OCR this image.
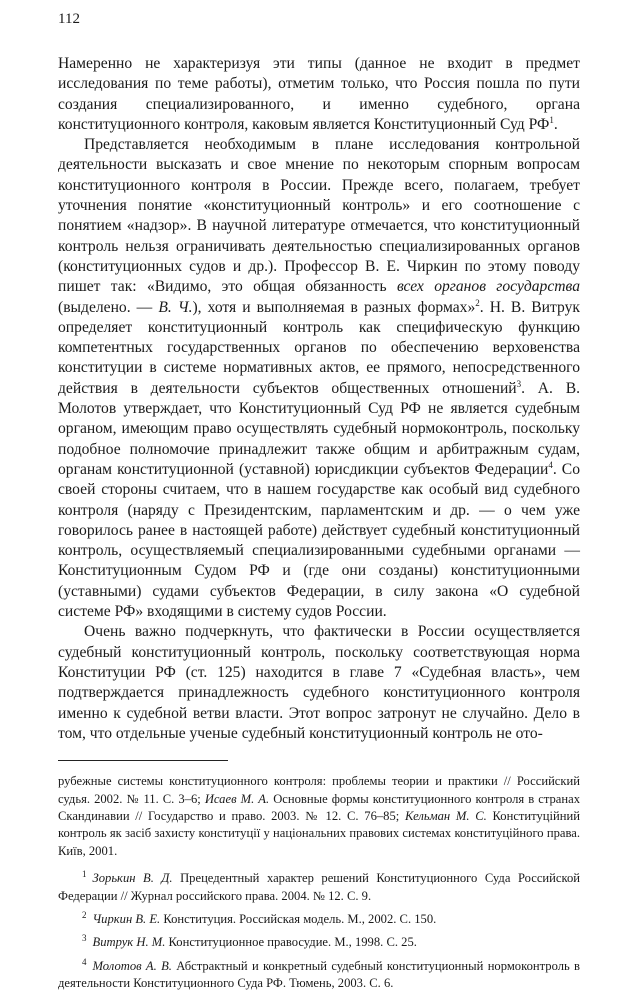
112

Намеренно не характеризуя эти типы (данное не входит в предмет исследования по теме работы), отметим только, что Россия пошла по пути создания специализированного, и именно судебного, органа конституционного контроля, каковым является Конституционный Суд $РФ^1$.

Представляется необходимым в плане исследования контрольной деятельности высказать и свое мнение по некоторым спорным вопросам конституционного контроля в России. Прежде всего, полагаем, требует уточнения понятие «конституционный контроль» и его соотношение с понятием «надзор». В научной литературе отмечается, что конституционный контроль нельзя ограничивать деятельностью специализированных органов (конституционных судов и др.). Профессор В. Е. Чиркин по этому поводу пишет так: «Видимо, это общая обязанность всех органов государства (выделено. — В. Ч.), хотя и выполняемая в разных формах»$^2$. Н. В. Витрук определяет конституционный контроль как специфическую функцию компетентных государственных органов по обеспечению верховенства конституции в системе нормативных актов, ее прямого, непосредственного действия в деятельности субъектов общественных отношений$^3$. А. В. Молотов утверждает, что Конституционный Суд РФ не является судебным органом, имеющим право осуществлять судебный нормоконтроль, поскольку подобное полномочие принадлежит также общим и арбитражным судам, органам конституционной (уставной) юрисдикции субъектов Федерации$^4$. Со своей стороны считаем, что в нашем государстве как особый вид судебного контроля (наряду с Президентским, парламентским и др. — о чем уже говорилось ранее в настоящей работе) действует судебный конституционный контроль, осуществляемый специализированными судебными органами — Конституционным Судом РФ и (где они созданы) конституционными (уставными) судами субъектов Федерации, в силу закона «О судебной системе РФ» входящими в систему судов России.

Очень важно подчеркнуть, что фактически в России осуществляется судебный конституционный контроль, поскольку соответствующая норма Конституции РФ (ст. 125) находится в главе 7 «Судебная власть», чем подтверждается принадлежность судебного конституционного контроля именно к судебной ветви власти. Этот вопрос затронут не случайно. Дело в том, что отдельные ученые судебный конституционный контроль не ото-

рубежные системы конституционного контроля: проблемы теории и практики // Российский судья. 2002. № 11. С. 3–6; Исаев М. А. Основные формы конституционного контроля в странах Скандинавии // Государство и право. 2003. № 12. С. 76–85; Кельман М. С. Конституційний контроль як засіб захисту конституції у національних правових системах конституційного права. Київ, 2001.

$^1$ Зорькин В. Д. Прецедентный характер решений Конституционного Суда Российской Федерации // Журнал российского права. 2004. № 12. С. 9.

$^2$ Чиркин В. Е. Конституция. Российская модель. М., 2002. С. 150.

$^3$ Витрук Н. М. Конституционное правосудие. М., 1998. С. 25.

$^4$ Молотов А. В. Абстрактный и конкретный судебный конституционный нормоконтроль в деятельности Конституционного Суда РФ. Тюмень, 2003. С. 6.
